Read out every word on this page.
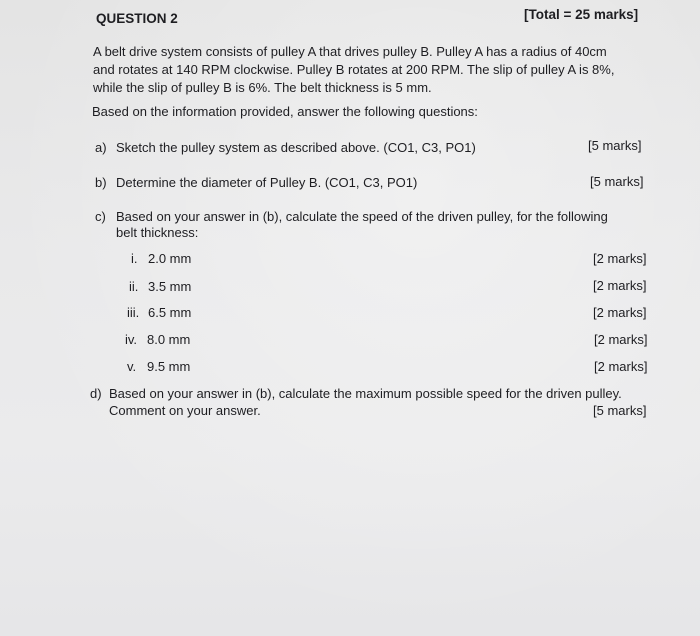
QUESTION 2	[Total = 25 marks]
A belt drive system consists of pulley A that drives pulley B. Pulley A has a radius of 40cm
and rotates at 140 RPM clockwise. Pulley B rotates at 200 RPM. The slip of pulley A is 8%,
while the slip of pulley B is 6%. The belt thickness is 5 mm.
Based on the information provided, answer the following questions:
a) Sketch the pulley system as described above. (CO1, C3, PO1)	[5 marks]
b) Determine the diameter of Pulley B. (CO1, C3, PO1)	[5 marks]
c) Based on your answer in (b), calculate the speed of the driven pulley, for the following
belt thickness:
i. 2.0 mm	[2 marks]
ii. 3.5 mm	[2 marks]
iii. 6.5 mm	[2 marks]
iv. 8.0 mm	[2 marks]
v. 9.5 mm	[2 marks]
d) Based on your answer in (b), calculate the maximum possible speed for the driven pulley.
Comment on your answer.	[5 marks]
